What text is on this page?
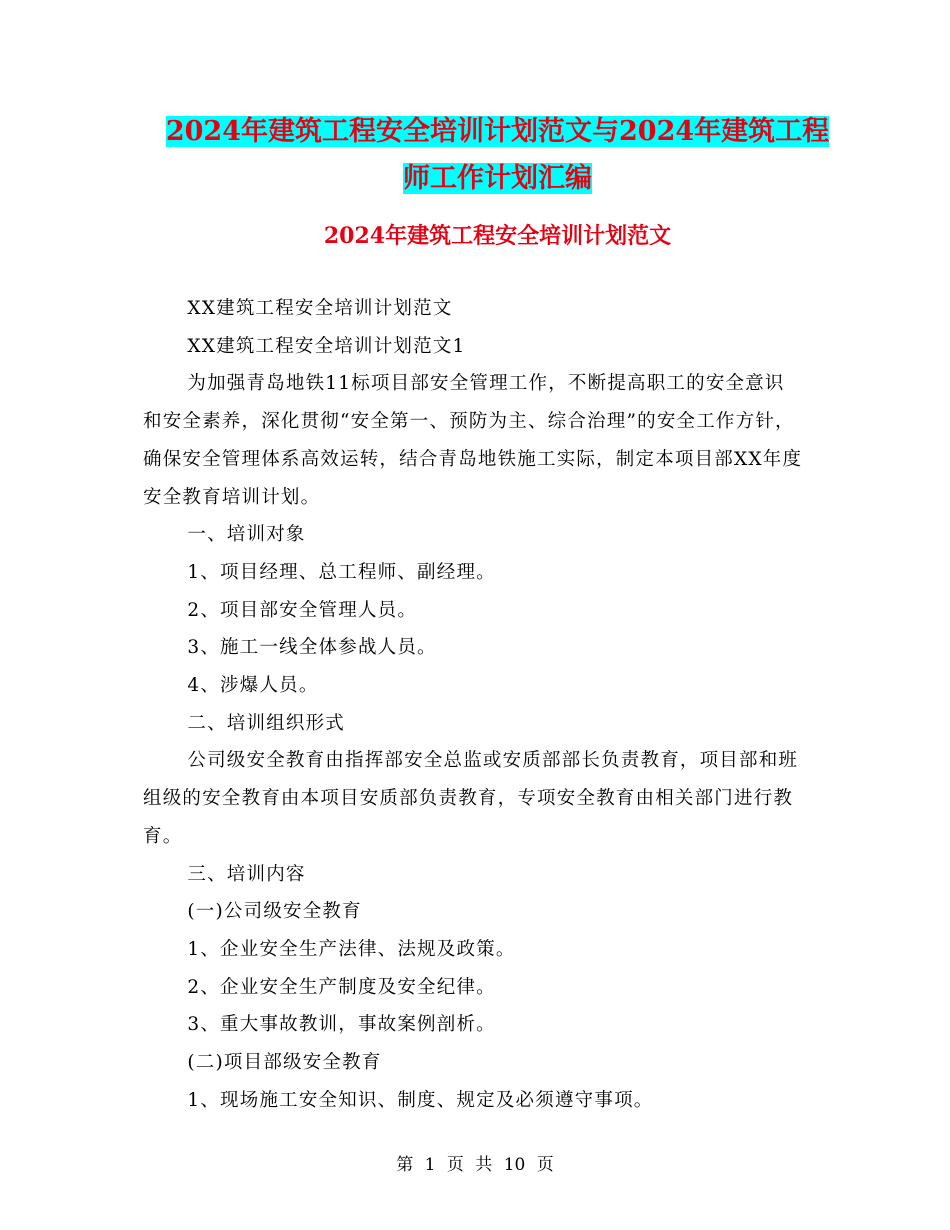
2024年建筑工程安全培训计划范文与2024年建筑工程
师工作计划汇编
2024年建筑工程安全培训计划范文

XX建筑工程安全培训计划范文

XX建筑工程安全培训计划范文1

为加强青岛地铁11标项目部安全管理工作，不断提高职工的安全意识和安全素养，深化贯彻“安全第一、预防为主、综合治理”的安全工作方针，确保安全管理体系高效运转，结合青岛地铁施工实际，制定本项目部XX年度安全教育培训计划。

一、培训对象

1、项目经理、总工程师、副经理。

2、项目部安全管理人员。

3、施工一线全体参战人员。

4、涉爆人员。

二、培训组织形式

公司级安全教育由指挥部安全总监或安质部部长负责教育，项目部和班组级的安全教育由本项目安质部负责教育，专项安全教育由相关部门进行教育。

三、培训内容

(一)公司级安全教育

1、企业安全生产法律、法规及政策。

2、企业安全生产制度及安全纪律。

3、重大事故教训，事故案例剖析。

(二)项目部级安全教育

1、现场施工安全知识、制度、规定及必须遵守事项。

第 1 页 共 10 页
